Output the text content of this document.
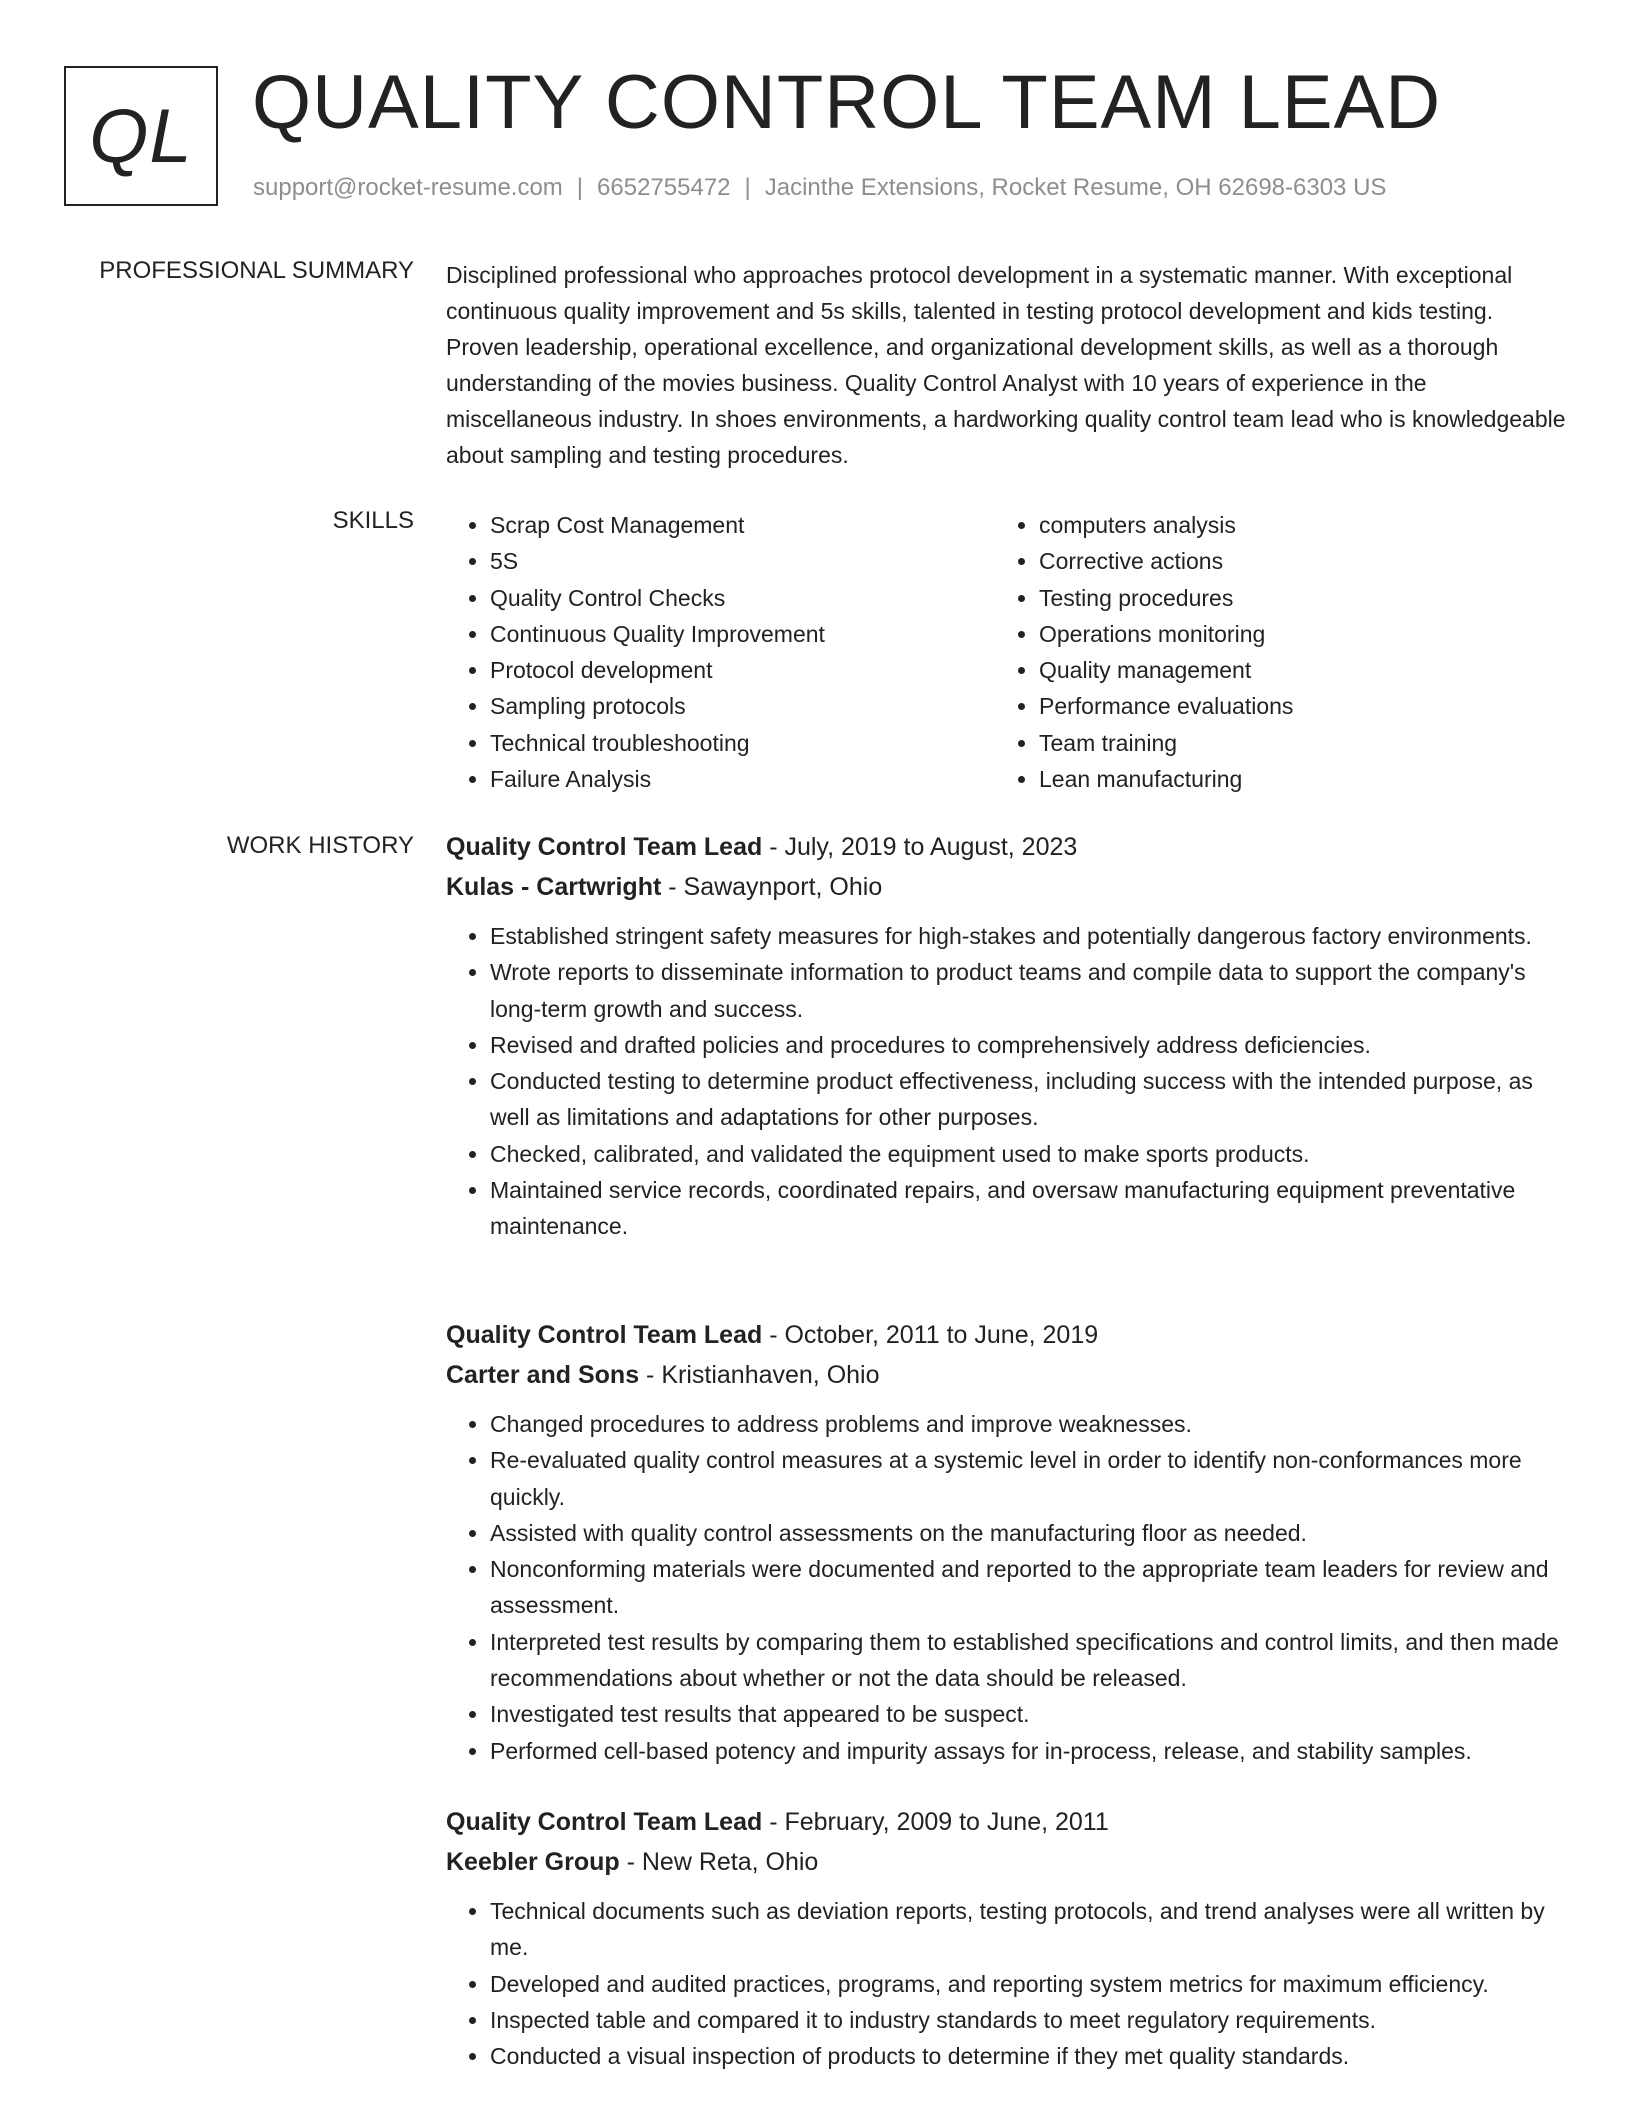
QL QUALITY CONTROL TEAM LEAD
support@rocket-resume.com | 6652755472 | Jacinthe Extensions, Rocket Resume, OH 62698-6303 US
PROFESSIONAL SUMMARY Disciplined professional who approaches protocol development in a systematic manner. With exceptional continuous quality improvement and 5s skills, talented in testing protocol development and kids testing. Proven leadership, operational excellence, and organizational development skills, as well as a thorough understanding of the movies business. Quality Control Analyst with 10 years of experience in the miscellaneous industry. In shoes environments, a hardworking quality control team lead who is knowledgeable about sampling and testing procedures.

SKILLS
•	Scrap Cost Management
• 5S
• Quality Control Checks
• Continuous Quality Improvement
• Protocol development
• Sampling protocols
• Technical troubleshooting
• Failure Analysis
• computers analysis
• Corrective actions
• Testing procedures
• Operations monitoring
• Quality management
• Performance evaluations
• Team training
• Lean manufacturing
WORK HISTORY Quality Control Team Lead - July, 2019 to August, 2023
Kulas - Cartwright - Sawaynport, Ohio
• Established stringent safety measures for high-stakes and potentially dangerous factory environments.
• Wrote reports to disseminate information to product teams and compile data to support the company's long-term growth and success.
• Revised and drafted policies and procedures to comprehensively address deficiencies.
• Conducted testing to determine product effectiveness, including success with the intended purpose, as well as limitations and adaptations for other purposes.
• Checked, calibrated, and validated the equipment used to make sports products.
• Maintained service records, coordinated repairs, and oversaw manufacturing equipment preventative maintenance.
Quality Control Team Lead - October, 2011 to June, 2019
Carter and Sons - Kristianhaven, Ohio
• Changed procedures to address problems and improve weaknesses.
• Re-evaluated quality control measures at a systemic level in order to identify non-conformances more quickly.
• Assisted with quality control assessments on the manufacturing floor as needed.
• Nonconforming materials were documented and reported to the appropriate team leaders for review and assessment.
• Interpreted test results by comparing them to established specifications and control limits, and then made recommendations about whether or not the data should be released.
• Investigated test results that appeared to be suspect.
• Performed cell-based potency and impurity assays for in-process, release, and stability samples.
Quality Control Team Lead - February, 2009 to June, 2011
Keebler Group - New Reta, Ohio
• Technical documents such as deviation reports, testing protocols, and trend analyses were all written by me.
• Developed and audited practices, programs, and reporting system metrics for maximum efficiency.
• Inspected table and compared it to industry standards to meet regulatory requirements.
• Conducted a visual inspection of products to determine if they met quality standards.
